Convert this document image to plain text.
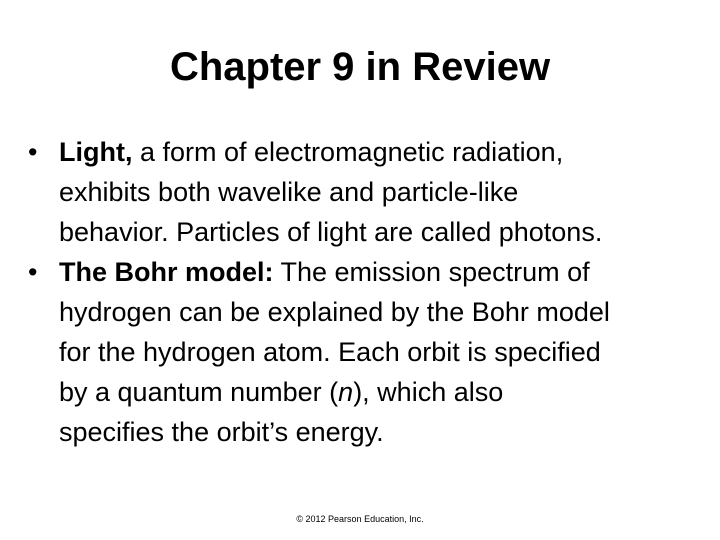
Chapter 9 in Review
• Light, a form of electromagnetic radiation,
exhibits both wavelike and particle-like
behavior. Particles of light are called photons.
• The Bohr model: The emission spectrum of
hydrogen can be explained by the Bohr model
for the hydrogen atom. Each orbit is specified
by a quantum number (n), which also
specifies the orbit’s energy.
© 2012 Pearson Education, Inc.
